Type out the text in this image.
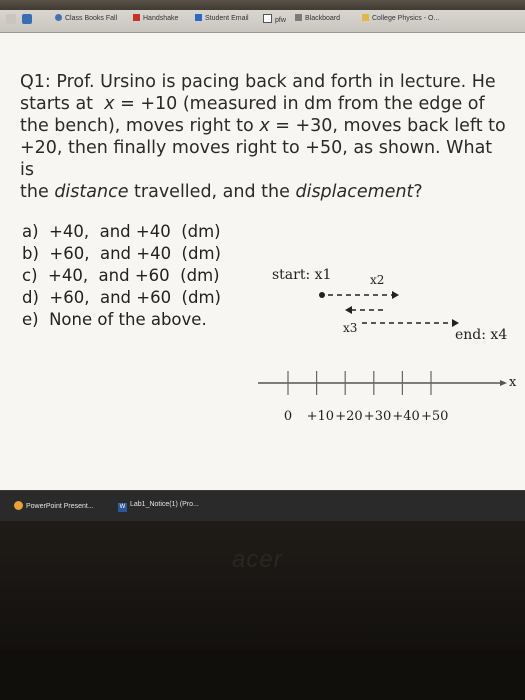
Class Books Fall	Handshake	Student Email	pfw	Blackboard	College Physics - O...
Q1: Prof. Ursino is pacing back and forth in lecture. He
starts at x = +10 (measured in dm from the edge of
the bench), moves right to x = +30, moves back left to
+20, then finally moves right to +50, as shown. What is
the distance travelled, and the displacement?
a)  +40,  and +40  (dm)
b)  +60,  and +40  (dm)
c)  +40,  and +60  (dm)
d)  +60,  and +60  (dm)
e)  None of the above.
start: x1	x2
x3	end: x4
x
0	+10 +20 +30 +40 +50
PowerPoint Present...	W Lab1_Notice(1) (Pro...
acer
